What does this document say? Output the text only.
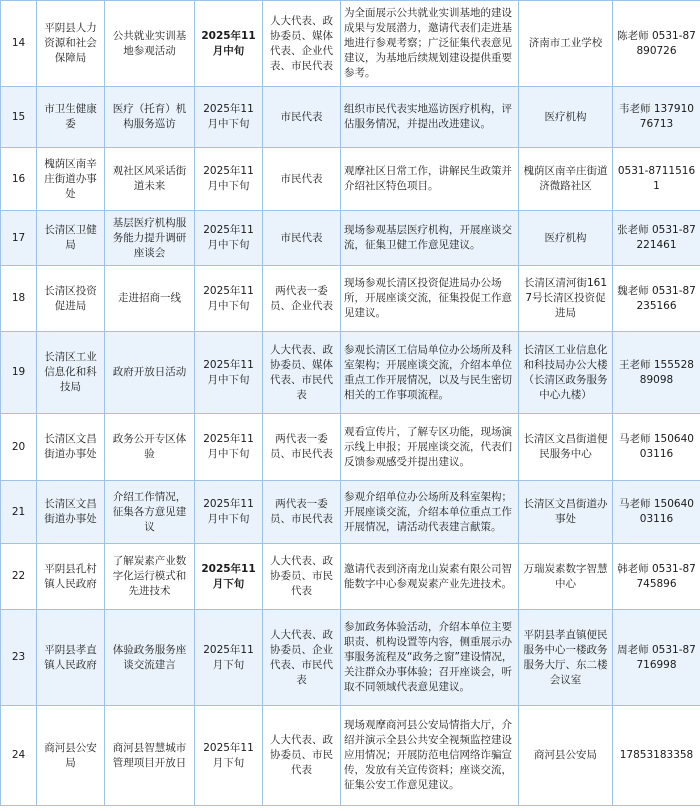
14	平阴县人力资源和社会保障局	公共就业实训基地参观活动	2025年11月中旬	人大代表、政协委员、媒体代表、企业代表、市民代表	为全面展示公共就业实训基地的建设成果与发展潜力，邀请代表们走进基地进行参观考察；广泛征集代表意见建议，为基地后续规划建设提供重要参考。	济南市工业学校	陈老师 0531-87890726
15	市卫生健康委	医疗（托育）机构服务巡访	2025年11月中下旬	市民代表	组织市民代表实地巡访医疗机构，评估服务情况，并提出改进建议。	医疗机构	韦老师 13791076713
16	槐荫区南辛庄街道办事处	观社区风采话街道未来	2025年11月中下旬	市民代表	观摩社区日常工作，讲解民生政策并介绍社区特色项目。	槐荫区南辛庄街道济微路社区	0531-87115161
17	长清区卫健局	基层医疗机构服务能力提升调研座谈会	2025年11月中下旬	市民代表	现场参观基层医疗机构，开展座谈交流，征集卫健工作意见建议。	医疗机构	张老师 0531-87221461
18	长清区投资促进局	走进招商一线	2025年11月中下旬	两代表一委员、企业代表	现场参观长清区投资促进局办公场所，开展座谈交流，征集投促工作意见建议。	长清区清河街1617号长清区投资促进局	魏老师 0531-87235166
19	长清区工业信息化和科技局	政府开放日活动	2025年11月中下旬	人大代表、政协委员、媒体代表、市民代表	参观长清区工信局单位办公场所及科室架构；开展座谈交流，介绍本单位重点工作开展情况，以及与民生密切相关的工作事项流程。	长清区工业信息化和科技局办公大楼（长清区政务服务中心九楼）	王老师 15552889098
20	长清区文昌街道办事处	政务公开专区体验	2025年11月中下旬	两代表一委员、市民代表	观看宣传片，了解专区功能，现场演示线上申报；开展座谈交流，代表们反馈参观感受并提出建议。	长清区文昌街道便民服务中心	马老师 15064003116
21	长清区文昌街道办事处	介绍工作情况，征集各方意见建议	2025年11月中下旬	两代表一委员、市民代表	参观介绍单位办公场所及科室架构；开展座谈交流，介绍本单位重点工作开展情况，请活动代表建言献策。	长清区文昌街道办事处	马老师 15064003116
22	平阴县孔村镇人民政府	了解炭素产业数字化运行模式和先进技术	2025年11月下旬	人大代表、政协委员、市民代表	邀请代表到济南龙山炭素有限公司智能数字中心参观炭素产业先进技术。	万瑞炭素数字智慧中心	韩老师 0531-87745896
23	平阴县孝直镇人民政府	体验政务服务座谈交流建言	2025年11月下旬	人大代表、政协委员、企业代表、市民代表	参加政务体验活动，介绍本单位主要职责、机构设置等内容，侧重展示办事服务流程及“政务之窗”建设情况，关注群众办事体验；召开座谈会，听取不同领域代表意见建议。	平阴县孝直镇便民服务中心一楼政务服务大厅、东二楼会议室	周老师 0531-87716998
24	商河县公安局	商河县智慧城市管理项目开放日	2025年11月下旬	人大代表、政协委员、市民代表	现场观摩商河县公安局情指大厅，介绍并演示全县公共安全视频监控建设应用情况；开展防范电信网络诈骗宣传，发放有关宣传资料；座谈交流，征集公安工作意见建议。	商河县公安局	17853183358
